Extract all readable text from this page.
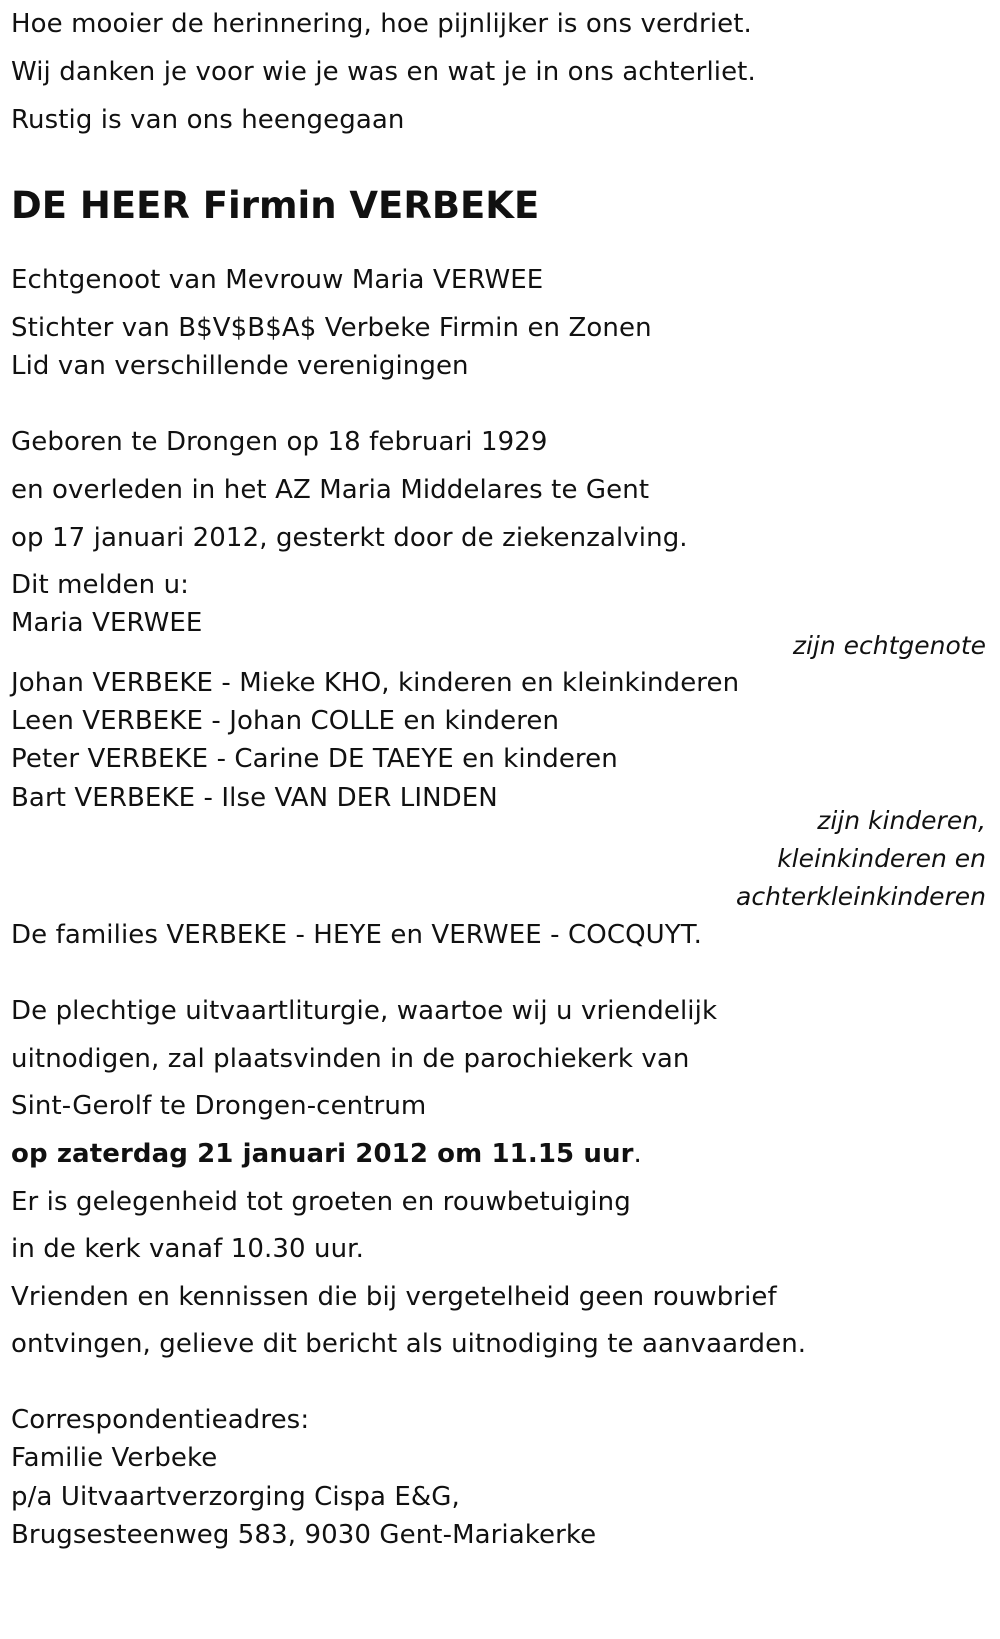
Hoe mooier de herinnering, hoe pijnlijker is ons verdriet.
Wij danken je voor wie je was en wat je in ons achterliet.
Rustig is van ons heengegaan
DE HEER Firmin VERBEKE
Echtgenoot van Mevrouw Maria VERWEE
Stichter van B$V$B$A$ Verbeke Firmin en Zonen
Lid van verschillende verenigingen
Geboren te Drongen op 18 februari 1929
en overleden in het AZ Maria Middelares te Gent
op 17 januari 2012, gesterkt door de ziekenzalving.
Dit melden u:
Maria VERWEE
zijn echtgenote
Johan VERBEKE - Mieke KHO, kinderen en kleinkinderen
Leen VERBEKE - Johan COLLE en kinderen
Peter VERBEKE - Carine DE TAEYE en kinderen
Bart VERBEKE - Ilse VAN DER LINDEN
zijn kinderen,
kleinkinderen en
achterkleinkinderen
De families VERBEKE - HEYE en VERWEE - COCQUYT.
De plechtige uitvaartliturgie, waartoe wij u vriendelijk
uitnodigen, zal plaatsvinden in de parochiekerk van
Sint-Gerolf te Drongen-centrum
op zaterdag 21 januari 2012 om 11.15 uur.
Er is gelegenheid tot groeten en rouwbetuiging
in de kerk vanaf 10.30 uur.
Vrienden en kennissen die bij vergetelheid geen rouwbrief
ontvingen, gelieve dit bericht als uitnodiging te aanvaarden.
Correspondentieadres:
Familie Verbeke
p/a Uitvaartverzorging Cispa E&G,
Brugsesteenweg 583, 9030 Gent-Mariakerke
